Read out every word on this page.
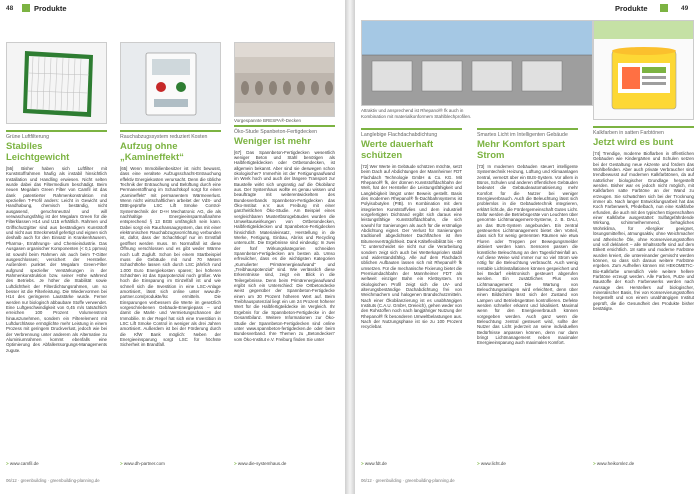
48	Produkte
Grüne Luftfilterung
Stabiles Leichtgewicht
[56] Bisher haben sich Luftfilter mit Kunststoffrahmen häufig als instabil hinsichtlich Installation und Handling erwiesen. Nicht selten wurde dabei das Filtermedium beschädigt. Beim neuen Megalam Green Filter von Camfil ist das dank patentierter Rahmenkonstruktion mit speziellen T-Profil anders: Leicht in Gewicht und Handhabung, chemisch beständig, nicht ausgasend, geruchsneutral und will verwaschungsfähig ist der Megalam Green für die Filterklassen H14 und U15 erhältlich. Rahmen und Griffschutzgitter sind aus beständigem Kunststoff und nicht aus Streckmetall gefertigt und eignen sich deshalb auch für den Einsatz in Krankenhäusern, Pharma-, Ernährungs- und Chemieindustrie. Das Ausgasen organischer Komponenten (< 0,1 ppmva) ist sowohl beim Rahmen als auch beim T-Gitter ausgeschlossen; versichert der Hersteller. Außerdem punktet der Megalam Green-Filter aufgrund spezieller Verstärkungen in der Rahmenkonstruktion bzw. seiner Höhe während des Betriebs. Je höher die Stabilität sowie Luftdichtheit der Filterdichtungsrahmen, um so besser ist die Filterleistung. Die Wiedervormen bei H14 des geringeren Lautstärke wurde. Ferner werden nur biologisch abbaubare Stoffe verwendet. Eine Luftgeschwindigkeit von 0,45 m/s tatsächlich erreichen 100 Prozent Volumenstrom hinauszunehmen, sondern ein Filterelement mit Luftdurchlässe ermöglichte mehr Leistung in einem Prozess mit geringem Druckverlust, jedoch wie bei der Verbrennung unter anderem als Alternative zu Aluminiumrahmen kommt ebenfalls eine Optimierung des Abfallentsorgungs-Managements zugute.
Rauchabzugssystem reduziert Kosten
Aufzug ohne „Kamineffekt“
[65] Wenn Immobilienbesitzer ist nicht bewusst, dass eine veraltete Aufzugsschacht-Entrauchung effektiv Energiekosten verursacht. Denn die übliche Technik der Entrauchung und Belüftung durch eine Permanentöffnung im Schachtkopf sorgt für einen „Kamineffekt“ mit permanentem Wärmeverlust. Wenn nicht wirtschaftlichen arbeitet der VdS- und DIBt-geprüfte LSC Lift Smoke Control-Systemtechnik der D+H Mechatronic AG, die als nachhaltige Energieeinsparmaßnahme entsprechend § 13 BGB umfänglich sein kann. Dabei sorgt ein Rauchansaugsystem, das mit einer elektronischen Rauchabzugsvorrichtung verbunden ist, dafür, dass der Schachtkopf nur im Ernstfall geöffnet werden muss. Im Normalfall ist diese Öffnung verschlossen und es gibt weder Wärme noch Luft Zugluft. Schon bei einem Startbeispiel muss die Gebäude mit rund 70 Metern Schachthöhe lassen sich durch LSC jährlich rund 1.000 Euro Energiekosten sparen; bei höheren Schächten ist das Sparpotenzial noch größer. Wie hoch die Einsparung im Einzelfall ist und wie schnell sich die Investition in eine LSC-Anlage amortisiert, lässt sich online unter www.dh-partner.com/produkte/lsc ermitteln. Die Einsparungen verbessern die Werte im gesetzlich vorgeschriebenen Gebäude-Energiepass – und damit die Markt- und Vermietungschancen der Immobilie. In der Regel hat sich eine Investition in LSC Lift Smoke Control in weniger als drei Jahren amortisiert. Außerdem ist bei der Förderung durch die KfW Bank möglich: Neben der Energieeinsparung sorgt LSC für höchste Sicherheit im Brandfall.
Vorgespannte BRESPA®-Decken
Öko-Stude Spanbeton-Fertigdecken
Weniger ist mehr
[67] Das Spannbeton-Fertigdecken wesentlich weniger Beton und Stahl benötigen als Halbfertigteildecken oder Ortbetondecken, ist allgemein bekannt. Aber sind sie deswegen schon ökologischer? Immerhin ist der Fertigungsaufwand im Werk hoch und auch der längere Transport zur Baustelle wirkt sich ungünstig auf die Ökobilanz aus. Der Systemhaus wollte es genau wissen und beauftragte mit weiterentwickeltem des Bundesverbands Spannbeton-Fertigdecken das Öko-Institut e.V. aus Freiburg mit einer ganzheitlichen Öko-Studie. Am Beispiel eines vergleichbaren Mustertbürogebäudes wurden die Umweltauswirkungen von Ortbetondecken, Halbfertigteildecken und Spannbeton-Fertigdecken hinsichtlich Materialeinsatz, Herstellung in de Werke, Fertigung, Einbau, Abriss und Recycling untersucht. Die Ergebnisse sind eindeutig: In zwei der fünf Wirkungskategorien schneiden Spannbeton-Fertigdecken am besten ab. Umso erfreulicher, dass es die wichtigsten Kategorien „Kumulierter Primärenergieaufwand“ und „Treibhauspotenzial“ sind. Wie verlässlich diese Erkenntnisse sind, zeigt ein Blick in die Teilergebnisse. Denn beim Primärenergieaufwand ergibt sich ein Unterschied: Die Ortbetondecke weist gegenüber der Spannbeton-Fertigdecke einen um 30 Prozent höheren Wert auf. Beim Treibhauspotenzial liegt ein um 24 Prozent höherer Wert für die Halbfertigteildecke im Vergleich. Ihr Ergebnis für die Spannbeton-Fertigdecke in der Gesamtbilanz. Weitere Informationen zur Öko-Studie der Spannbeton-Fertigdecken sind online unter www.spannbeton-fertigdecken.de oder beim Bundesverband. Ihre Themen zu „Betondecken“ vom Öko-Institut e.V. Freiburg finden Sie unter
> www.camfil.de	> www.dh-partner.com	> www.die-systemhaus.de
06/12 · greenbuilding · greenbuilding-planning.de
Produkte	49
Attraktiv und ansprechend ist Rhepanol® fk auch in Kombination mit materialkonformem Stahlblechprofilen.
Langlebige Flachdachabdichtung
Werte dauerhaft schützen
[72] Wer Werte im Gebäude schützen möchte, setzt beim Dach auf Abdichtungen der Mannheimer FDT Flachdach Technologie GmbH & Co. KG. Mit Rhepanol® fk, der dünnen Kunststoffdachbahn der Welt, hat der Hersteller die Leistungsfähigkeit und Langlebigkeit längst unter Beweis gestellt. Basis des modernen Rhepanol® fk-Dachbahnsystems ist Polyisobutylen (PIB). In Kombination mit dem integrierten Kunststoffvlies und dem industriell vorgefertigten Dichtrand ergibt sich daraus eine leistungsfähige Kunststoffdachbahn, die sich sowohl für Sanierungen als auch für die erstmalige Abdichtung eignet. Der Verlust für Sanierungen traditionell abgedichteter Dachflächen ist ihre Bitumenverträglichkeit. Dank Kälteflexibilität bis - 60 °C unterscheidet sie nicht nur die Verarbeitung sondern zeigt sich auch bei Wetterkapriolen stabil und widerstandsfähig. Alle auf dem Flachdach üblichen Aufbauten lassen sich mit Rhepanol® fk umsetzen. Für die mechanische Fixierung bietet die Premiumdachbahn der Mannheimer FDT als weltweit einziger Bahn ein Klettsystem. Im ökologischen Profil zeigt sich die UV- und alterungsbeständige Dachabdichtung frei von Weichmachern und halogenen Brandschutzmitteln. Nach einer Ökobilanzierung ist es unabhängigen Instituts (C.A.U. GmbH, Dreieich), gehen weder von den Rohstoffen noch nach langjähriger Nutzung der Rhepanol® fk besonderen Umweltbelastungen aus. Nach der Nutzungsphase ist sie zu 100 Prozent recyclebar.
Smartes Licht im Intelligenten Gebäude
Mehr Komfort spart Strom
[73] In modernen Gebäuden steuert intelligente Systemtechnik Heizung, Lüftung und Klimaanlagen zentral, vernetzt über ein BUS-System. Vor allem in Büros, Schulen und anderen öffentlichen Gebäuden bedeutet die Gebäudeautomatisierung mehr Komfort für die Nutzer bei weniger Energieverbrauch. Auch die Beleuchtung lässt sich problemlos in die Gebäudetechnik integrieren, erklärt licht.de, die Fördergemeinschaft Gutes Licht. Dafür werden die Betriebsgeräte von Leuchten über genormte Lichtmanagement-Systeme, z. B. DALI, an das BUS-System angebunden. Ein zentral gesteuertes Lichtmanagement bietet den Vorteil, dass sich für wenig getrennten Räumen wie etwa Fluren oder Treppen per Bewegungsmelder aktiviert werden kann. Sensoren passen die künstliche Beleuchtung an den Tageslichteinfall an. Auf diese Weise wird immer nur so viel Strom wie nötig für die Beleuchtung verbraucht. Auch wenig rentable Lichtinstallationen können gespeichert und bei Bedarf elektronisch gesteuert abgerufen werden. Ein zusätzliches Plus von Lichtmanagement: Die Wartung von Beleuchtungsanlagen wird erleichtert, denn über einen Bildschirm lässt sich der Zustand von Lampen und Betriebsgeräten kontrollieren. Defekte werden schneller erkannt und lokalisiert. Maximal wenn für den Energieverbrauch können vorgegeben werden. Auch ganz wenn die Beleuchtung zentral gesteuert wird, sollte der Nutzer das Licht jederzeit an seine individuellen Bedürfnisse anpassen können, denn nur dann bringt Lichtmanagement neben maximaler Energieeinsparung auch maximalen Komfort.
Kalkfarben in satten Farbtönen
Jetzt wird es bunt
[74] Trendige, moderne Bioflarben in öffentlichen Gebäuden wie Kindergärten und Schulen setzen bei der Gestaltung neue Akzente und fördern das Wohlbefinden. Aber auch private Verbraucher sind trendbewusst auf modernen Kalkfarbtönen, da auf natürlicher biologischer Grundlage hergestellt werden. Bisher war es jedoch nicht möglich, mit Kalkfarben satte Farbtöne an der Wand zu erzeugen. Sie schwächten sich bei der Trocknung immer ab. Nach langer Entwicklungsarbeit hat das Koch Farbenwerk, Pfedelbach, nun eine Kalkfarbe erfunden, die auch mit den typischen Eigenschaften einer Kalkfarbe ausgestattet: Sulfatgefährdende Wirkung, schimmelhemmend, behagliches Wohnklima, für Allergiker geeignet, lösungsmittelfrei, atmungsaktiv, ohne Weichmacher und ätherische Öle, ohne Konservierungsstoffen und voll deklariert – alle Inhaltsstoffe sind auf dem Etikett ersichtlich. 18 satte und moderne Farbtöne wurden kreiert, die untereinander gemischt werden können, so dass sich daraus weitere Farbtöne ergeben. Zum Aufhellen können mit HEKOMETIC-Bio-Kalkfarbe umendlich viele weitere hellere Farbtöne erzeugt werden. Alle Farben, Putze und Baustoffe der Koch Farbenwerks werden nach Aussage des Herstellers auf biologischer, mineralischer Basis, frei von Konservierungsstoffen hergestellt und von einem unabhängigen Institut geprüft, die die Gesundheit des Produkte bisher bestätigte.
> www.fdt.de	> www.licht.de	> www.heikomlez.de
06/12 · greenbuilding · greenbuilding-planning.de
